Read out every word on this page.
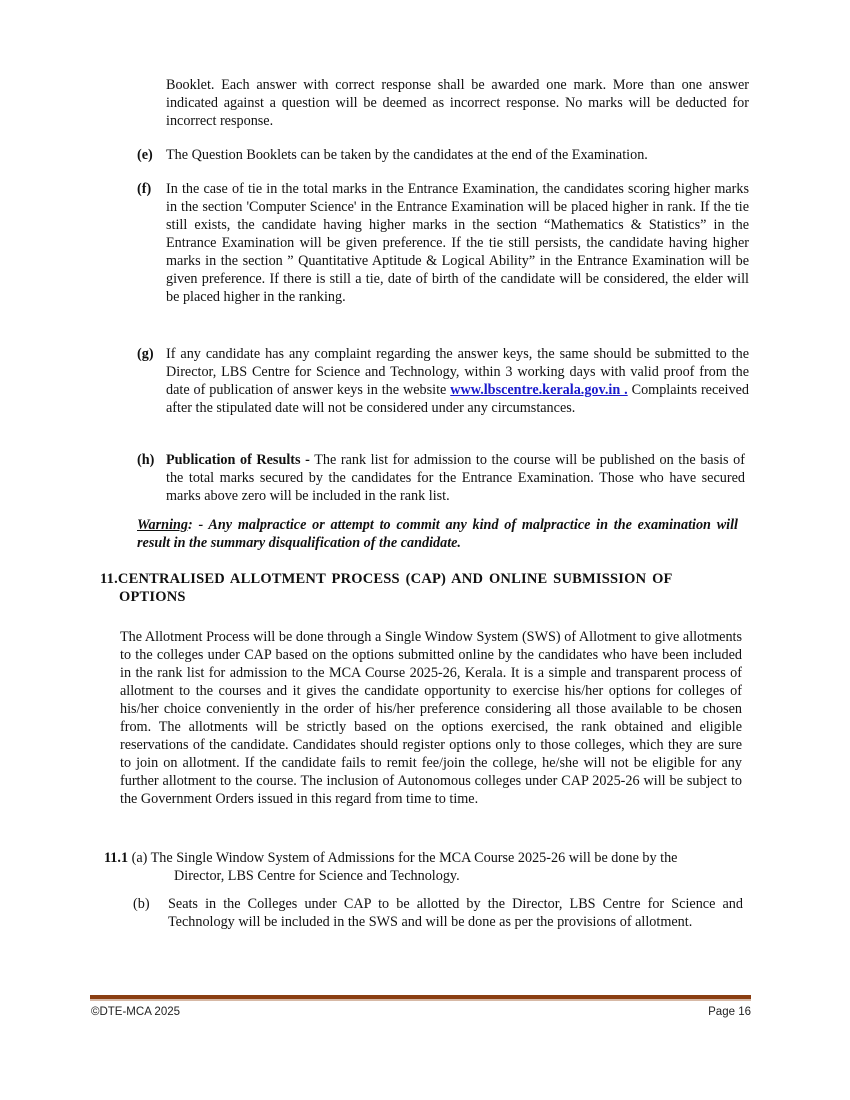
Booklet. Each answer with correct response shall be awarded one mark. More than one answer indicated against a question will be deemed as incorrect response. No marks will be deducted for incorrect response.
(e) The Question Booklets can be taken by the candidates at the end of the Examination.
(f) In the case of tie in the total marks in the Entrance Examination, the candidates scoring higher marks in the section 'Computer Science' in the Entrance Examination will be placed higher in rank. If the tie still exists, the candidate having higher marks in the section “Mathematics & Statistics” in the Entrance Examination will be given preference. If the tie still persists, the candidate having higher marks in the section ” Quantitative Aptitude & Logical Ability” in the Entrance Examination will be given preference. If there is still a tie, date of birth of the candidate will be considered, the elder will be placed higher in the ranking.
(g) If any candidate has any complaint regarding the answer keys, the same should be submitted to the Director, LBS Centre for Science and Technology, within 3 working days with valid proof from the date of publication of answer keys in the website www.lbscentre.kerala.gov.in . Complaints received after the stipulated date will not be considered under any circumstances.
(h) Publication of Results - The rank list for admission to the course will be published on the basis of the total marks secured by the candidates for the Entrance Examination. Those who have secured marks above zero will be included in the rank list.
Warning: - Any malpractice or attempt to commit any kind of malpractice in the examination will result in the summary disqualification of the candidate.
11.CENTRALISED ALLOTMENT PROCESS (CAP) AND ONLINE SUBMISSION OF
OPTIONS
The Allotment Process will be done through a Single Window System (SWS) of Allotment to give allotments to the colleges under CAP based on the options submitted online by the candidates who have been included in the rank list for admission to the MCA Course 2025-26, Kerala. It is a simple and transparent process of allotment to the courses and it gives the candidate opportunity to exercise his/her options for colleges of his/her choice conveniently in the order of his/her preference considering all those available to be chosen from. The allotments will be strictly based on the options exercised, the rank obtained and eligible reservations of the candidate. Candidates should register options only to those colleges, which they are sure to join on allotment. If the candidate fails to remit fee/join the college, he/she will not be eligible for any further allotment to the course. The inclusion of Autonomous colleges under CAP 2025-26 will be subject to the Government Orders issued in this regard from time to time.
11.1 (a) The Single Window System of Admissions for the MCA Course 2025-26 will be done by the
Director, LBS Centre for Science and Technology.
(b) Seats in the Colleges under CAP to be allotted by the Director, LBS Centre for Science and Technology will be included in the SWS and will be done as per the provisions of allotment.
©DTE-MCA 2025	Page 16
